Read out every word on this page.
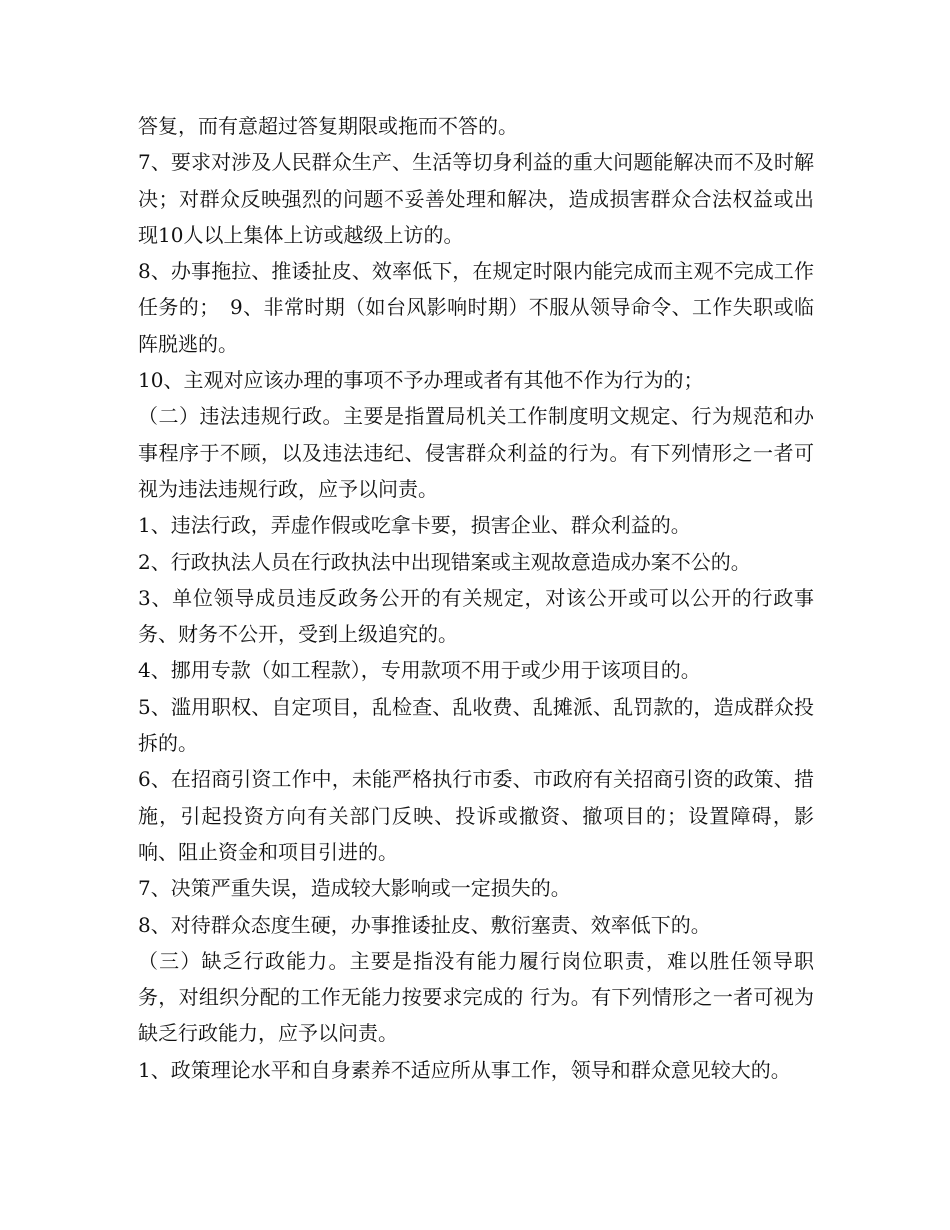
答复，而有意超过答复期限或拖而不答的。

7、要求对涉及人民群众生产、生活等切身利益的重大问题能解决而不及时解决；对群众反映强烈的问题不妥善处理和解决，造成损害群众合法权益或出现10人以上集体上访或越级上访的。

8、办事拖拉、推诿扯皮、效率低下，在规定时限内能完成而主观不完成工作任务的；　9、非常时期（如台风影响时期）不服从领导命令、工作失职或临阵脱逃的。

10、主观对应该办理的事项不予办理或者有其他不作为行为的；

（二）违法违规行政。主要是指置局机关工作制度明文规定、行为规范和办事程序于不顾，以及违法违纪、侵害群众利益的行为。有下列情形之一者可视为违法违规行政，应予以问责。

1、违法行政，弄虚作假或吃拿卡要，损害企业、群众利益的。

2、行政执法人员在行政执法中出现错案或主观故意造成办案不公的。

3、单位领导成员违反政务公开的有关规定，对该公开或可以公开的行政事务、财务不公开，受到上级追究的。

4、挪用专款（如工程款），专用款项不用于或少用于该项目的。

5、滥用职权、自定项目，乱检查、乱收费、乱摊派、乱罚款的，造成群众投拆的。

6、在招商引资工作中，未能严格执行市委、市政府有关招商引资的政策、措施，引起投资方向有关部门反映、投诉或撤资、撤项目的；设置障碍，影响、阻止资金和项目引进的。

7、决策严重失误，造成较大影响或一定损失的。

8、对待群众态度生硬，办事推诿扯皮、敷衍塞责、效率低下的。

（三）缺乏行政能力。主要是指没有能力履行岗位职责，难以胜任领导职务，对组织分配的工作无能力按要求完成的 行为。有下列情形之一者可视为缺乏行政能力，应予以问责。

1、政策理论水平和自身素养不适应所从事工作，领导和群众意见较大的。
